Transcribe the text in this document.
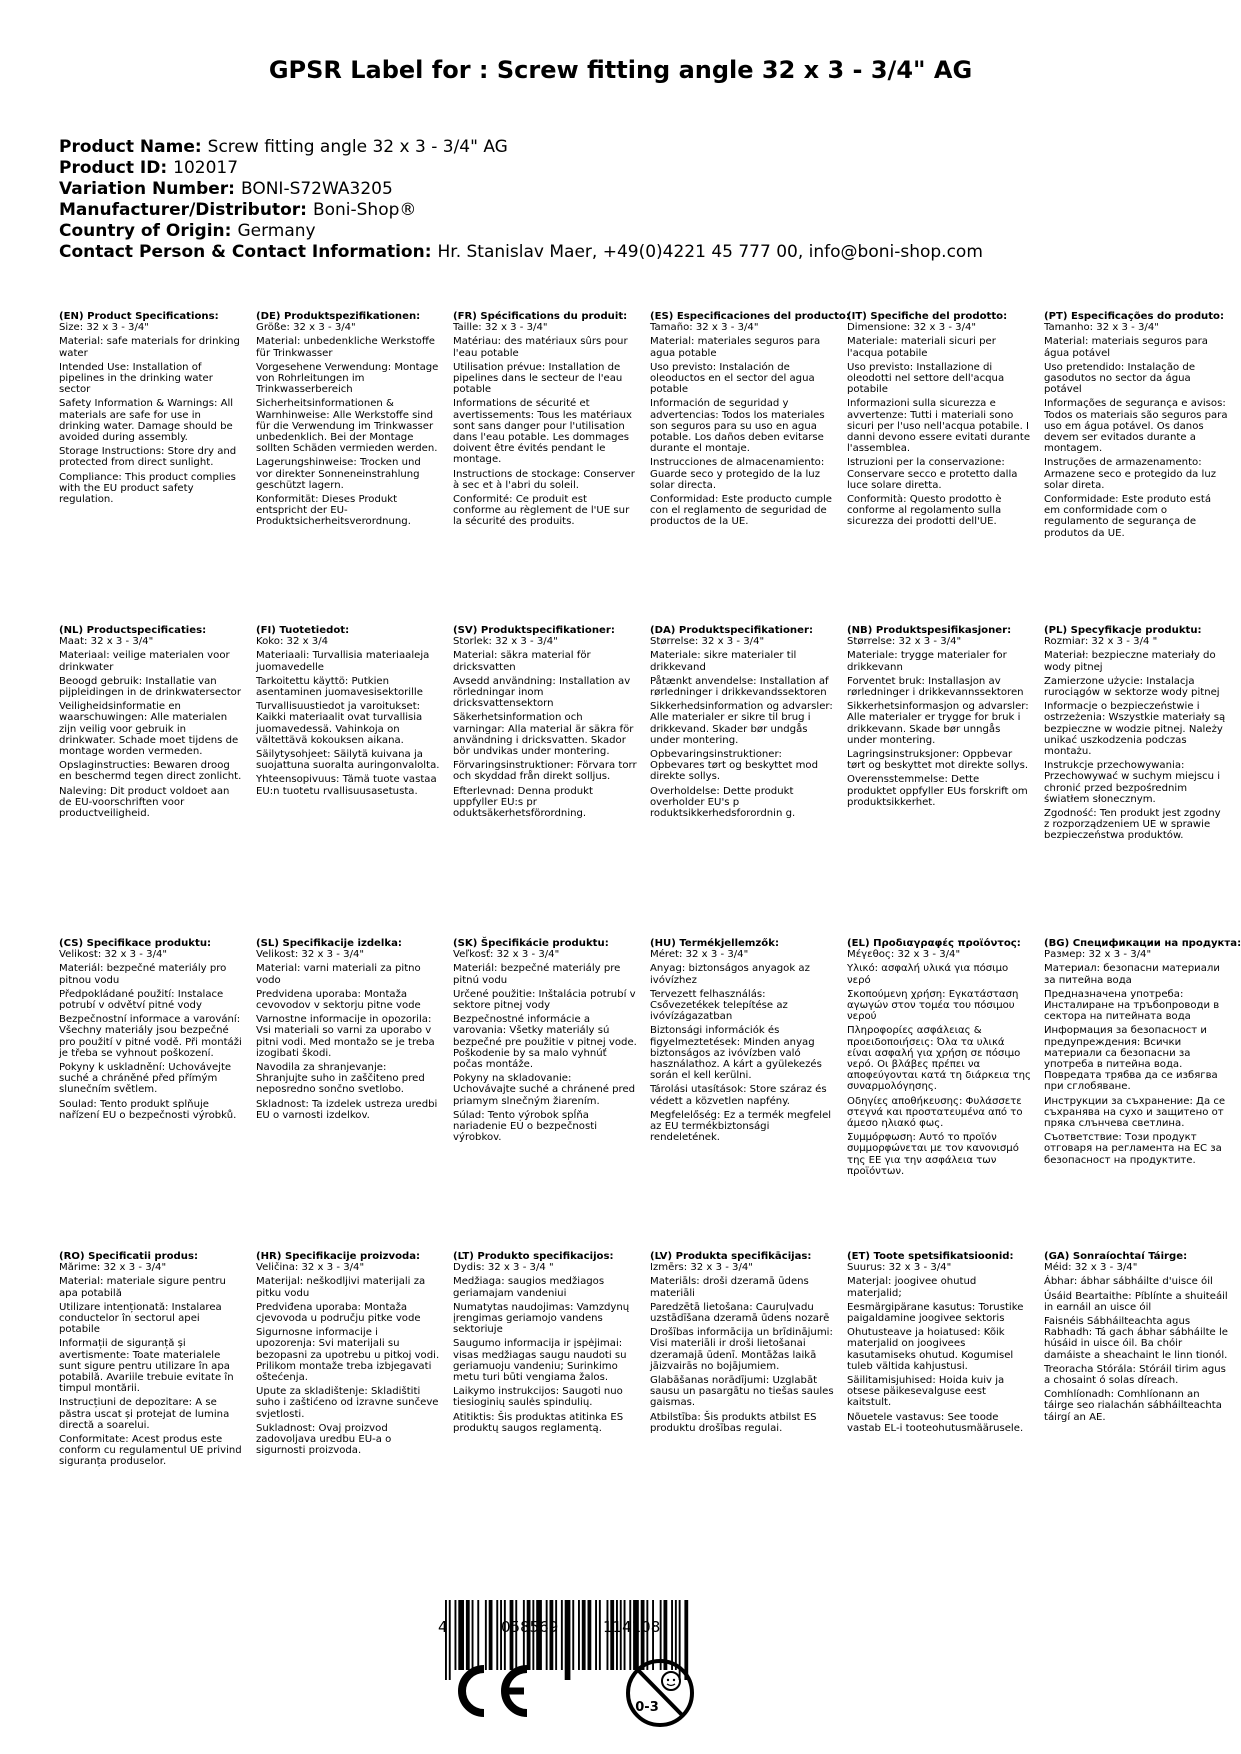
GPSR Label for : Screw fitting angle 32 x 3 - 3/4" AG
Product Name: Screw fitting angle 32 x 3 - 3/4" AG
Product ID: 102017
Variation Number: BONI-S72WA3205
Manufacturer/Distributor: Boni-Shop®
Country of Origin: Germany
Contact Person & Contact Information: Hr. Stanislav Maer, +49(0)4221 45 777 00, info@boni-shop.com
(EN) Product Specifications:

Size: 32 x 3 - 3/4"

Material: safe materials for drinking water

Intended Use: Installation of pipelines in the drinking water sector

Safety Information & Warnings: All materials are safe for use in drinking water. Damage should be avoided during assembly.

Storage Instructions: Store dry and protected from direct sunlight.

Compliance: This product complies with the EU product safety regulation.

(DE) Produktspezifikationen:

Größe: 32 x 3 - 3/4"

Material: unbedenkliche Werkstoffe für Trinkwasser

Vorgesehene Verwendung: Montage von Rohrleitungen im Trinkwasserbereich

Sicherheitsinformationen & Warnhinweise: Alle Werkstoffe sind für die Verwendung im Trinkwasser unbedenklich. Bei der Montage sollten Schäden vermieden werden.

Lagerungshinweise: Trocken und vor direkter Sonneneinstrahlung geschützt lagern.

Konformität: Dieses Produkt entspricht der EU-Produktsicherheitsverordnung.

(FR) Spécifications du produit:

Taille: 32 x 3 - 3/4"

Matériau: des matériaux sûrs pour l'eau potable

Utilisation prévue: Installation de pipelines dans le secteur de l'eau potable

Informations de sécurité et avertissements: Tous les matériaux sont sans danger pour l'utilisation dans l'eau potable. Les dommages doivent être évités pendant le montage.

Instructions de stockage: Conserver à sec et à l'abri du soleil.

Conformité: Ce produit est conforme au règlement de l'UE sur la sécurité des produits.

(ES) Especificaciones del producto:

Tamaño: 32 x 3 - 3/4"

Material: materiales seguros para agua potable

Uso previsto: Instalación de oleoductos en el sector del agua potable

Información de seguridad y advertencias: Todos los materiales son seguros para su uso en agua potable. Los daños deben evitarse durante el montaje.

Instrucciones de almacenamiento: Guarde seco y protegido de la luz solar directa.

Conformidad: Este producto cumple con el reglamento de seguridad de productos de la UE.

(IT) Specifiche del prodotto:

Dimensione: 32 x 3 - 3/4"

Materiale: materiali sicuri per l'acqua potabile

Uso previsto: Installazione di oleodotti nel settore dell'acqua potabile

Informazioni sulla sicurezza e avvertenze: Tutti i materiali sono sicuri per l'uso nell'acqua potabile. I danni devono essere evitati durante l'assemblea.

Istruzioni per la conservazione: Conservare secco e protetto dalla luce solare diretta.

Conformità: Questo prodotto è conforme al regolamento sulla sicurezza dei prodotti dell'UE.

(PT) Especificações do produto:

Tamanho: 32 x 3 - 3/4"

Material: materiais seguros para água potável

Uso pretendido: Instalação de gasodutos no sector da água potável

Informações de segurança e avisos: Todos os materiais são seguros para uso em água potável. Os danos devem ser evitados durante a montagem.

Instruções de armazenamento: Armazene seco e protegido da luz solar direta.

Conformidade: Este produto está em conformidade com o regulamento de segurança de produtos da UE.

(NL) Productspecificaties:

Maat: 32 x 3 - 3/4"

Materiaal: veilige materialen voor drinkwater

Beoogd gebruik: Installatie van pijpleidingen in de drinkwatersector

Veiligheidsinformatie en waarschuwingen: Alle materialen zijn veilig voor gebruik in drinkwater. Schade moet tijdens de montage worden vermeden.

Opslaginstructies: Bewaren droog en beschermd tegen direct zonlicht.

Naleving: Dit product voldoet aan de EU-voorschriften voor productveiligheid.

(FI) Tuotetiedot:

Koko: 32 x 3/4

Materiaali: Turvallisia materiaaleja juomavedelle

Tarkoitettu käyttö: Putkien asentaminen juomavesisektorille

Turvallisuustiedot ja varoitukset: Kaikki materiaalit ovat turvallisia juomavedessä. Vahinkoja on vältettävä kokouksen aikana.

Säilytysohjeet: Säilytä kuivana ja suojattuna suoralta auringonvalolta.

Yhteensopivuus: Tämä tuote vastaa EU:n tuotetu rvallisuusasetusta.

(SV) Produktspecifikationer:

Storlek: 32 x 3 - 3/4"

Material: säkra material för dricksvatten

Avsedd användning: Installation av rörledningar inom dricksvattensektorn

Säkerhetsinformation och varningar: Alla material är säkra för användning i dricksvatten. Skador bör undvikas under montering.

Förvaringsinstruktioner: Förvara torr och skyddad från direkt solljus.

Efterlevnad: Denna produkt uppfyller EU:s pr oduktsäkerhetsförordning.

(DA) Produktspecifikationer:

Størrelse: 32 x 3 - 3/4"

Materiale: sikre materialer til drikkevand

Påtænkt anvendelse: Installation af rørledninger i drikkevandssektoren

Sikkerhedsinformation og advarsler: Alle materialer er sikre til brug i drikkevand. Skader bør undgås under montering.

Opbevaringsinstruktioner: Opbevares tørt og beskyttet mod direkte sollys.

Overholdelse: Dette produkt overholder EU's p roduktsikkerhedsforordnin g.

(NB) Produktspesifikasjoner:

Størrelse: 32 x 3 - 3/4"

Materiale: trygge materialer for drikkevann

Forventet bruk: Installasjon av rørledninger i drikkevannssektoren

Sikkerhetsinformasjon og advarsler: Alle materialer er trygge for bruk i drikkevann. Skade bør unngås under montering.

Lagringsinstruksjoner: Oppbevar tørt og beskyttet mot direkte sollys.

Overensstemmelse: Dette produktet oppfyller EUs forskrift om produktsikkerhet.

(PL) Specyfikacje produktu:

Rozmiar: 32 x 3 - 3/4 "

Materiał: bezpieczne materiały do wody pitnej

Zamierzone użycie: Instalacja rurociągów w sektorze wody pitnej

Informacje o bezpieczeństwie i ostrzeżenia: Wszystkie materiały są bezpieczne w wodzie pitnej. Należy unikać uszkodzenia podczas montażu.

Instrukcje przechowywania: Przechowywać w suchym miejscu i chronić przed bezpośrednim światłem słonecznym.

Zgodność: Ten produkt jest zgodny z rozporządzeniem UE w sprawie bezpieczeństwa produktów.

(CS) Specifikace produktu:

Velikost: 32 x 3 - 3/4"

Materiál: bezpečné materiály pro pitnou vodu

Předpokládané použití: Instalace potrubí v odvětví pitné vody

Bezpečnostní informace a varování: Všechny materiály jsou bezpečné pro použití v pitné vodě. Při montáži je třeba se vyhnout poškození.

Pokyny k uskladnění: Uchovávejte suché a chráněné před přímým slunečním světlem.

Soulad: Tento produkt splňuje nařízení EU o bezpečnosti výrobků.

(SL) Specifikacije izdelka:

Velikost: 32 x 3 - 3/4"

Material: varni materiali za pitno vodo

Predvidena uporaba: Montaža cevovodov v sektorju pitne vode

Varnostne informacije in opozorila: Vsi materiali so varni za uporabo v pitni vodi. Med montažo se je treba izogibati škodi.

Navodila za shranjevanje: Shranjujte suho in zaščiteno pred neposredno sončno svetlobo.

Skladnost: Ta izdelek ustreza uredbi EU o varnosti izdelkov.

(SK) Špecifikácie produktu:

Veľkosť: 32 x 3 - 3/4"

Materiál: bezpečné materiály pre pitnú vodu

Určené použitie: Inštalácia potrubí v sektore pitnej vody

Bezpečnostné informácie a varovania: Všetky materiály sú bezpečné pre použitie v pitnej vode. Poškodenie by sa malo vyhnúť počas montáže.

Pokyny na skladovanie: Uchovávajte suché a chránené pred priamym slnečným žiarením.

Súlad: Tento výrobok spĺňa nariadenie EÚ o bezpečnosti výrobkov.

(HU) Termékjellemzők:

Méret: 32 x 3 - 3/4"

Anyag: biztonságos anyagok az ivóvízhez

Tervezett felhasználás: Csővezetékek telepítése az ivóvízágazatban

Biztonsági információk és figyelmeztetések: Minden anyag biztonságos az ivóvízben való használathoz. A kárt a gyülekezés során el kell kerülni.

Tárolási utasítások: Store száraz és védett a közvetlen napfény.

Megfelelőség: Ez a termék megfelel az EU termékbiztonsági rendeletének.

(EL) Προδιαγραφές προϊόντος:

Μέγεθος: 32 x 3 - 3/4"

Υλικό: ασφαλή υλικά για πόσιμο νερό

Σκοπούμενη χρήση: Εγκατάσταση αγωγών στον τομέα του πόσιμου νερού

Πληροφορίες ασφάλειας & προειδοποιήσεις: Όλα τα υλικά είναι ασφαλή για χρήση σε πόσιμο νερό. Οι βλάβες πρέπει να αποφεύγονται κατά τη διάρκεια της συναρμολόγησης.

Οδηγίες αποθήκευσης: Φυλάσσετε στεγνά και προστατευμένα από το άμεσο ηλιακό φως.

Συμμόρφωση: Αυτό το προϊόν συμμορφώνεται με τον κανονισμό της ΕΕ για την ασφάλεια των προϊόντων.

(BG) Спецификации на продукта:

Размер: 32 x 3 - 3/4"

Материал: безопасни материали за питейна вода

Предназначена употреба: Инсталиране на тръбопроводи в сектора на питейната вода

Информация за безопасност и предупреждения: Всички материали са безопасни за употреба в питейна вода. Повредата трябва да се избягва при сглобяване.

Инструкции за съхранение: Да се съхранява на сухо и защитено от пряка слънчева светлина.

Съответствие: Този продукт отговаря на регламента на ЕС за безопасност на продуктите.

(RO) Specificatii produs:

Mărime: 32 x 3 - 3/4"

Material: materiale sigure pentru apa potabilă

Utilizare intenționată: Instalarea conductelor în sectorul apei potabile

Informații de siguranță și avertismente: Toate materialele sunt sigure pentru utilizare în apa potabilă. Avariile trebuie evitate în timpul montării.

Instrucțiuni de depozitare: A se păstra uscat și protejat de lumina directă a soarelui.

Conformitate: Acest produs este conform cu regulamentul UE privind siguranța produselor.

(HR) Specifikacije proizvoda:

Veličina: 32 x 3 - 3/4"

Materijal: neškodljivi materijali za pitku vodu

Predviđena uporaba: Montaža cjevovoda u području pitke vode

Sigurnosne informacije i upozorenja: Svi materijali su bezopasni za upotrebu u pitkoj vodi. Prilikom montaže treba izbjegavati oštećenja.

Upute za skladištenje: Skladištiti suho i zaštićeno od izravne sunčeve svjetlosti.

Sukladnost: Ovaj proizvod zadovoljava uredbu EU-a o sigurnosti proizvoda.

(LT) Produkto specifikacijos:

Dydis: 32 x 3 - 3/4 "

Medžiaga: saugios medžiagos geriamajam vandeniui

Numatytas naudojimas: Vamzdynų įrengimas geriamojo vandens sektoriuje

Saugumo informacija ir įspėjimai: visas medžiagas saugu naudoti su geriamuoju vandeniu; Surinkimo metu turi būti vengiama žalos.

Laikymo instrukcijos: Saugoti nuo tiesioginių saulės spindulių.

Atitiktis: Šis produktas atitinka ES produktų saugos reglamentą.

(LV) Produkta specifikācijas:

Izmērs: 32 x 3 - 3/4"

Materiāls: droši dzeramā ūdens materiāli

Paredzētā lietošana: Cauruļvadu uzstādīšana dzeramā ūdens nozarē

Drošības informācija un brīdinājumi: Visi materiāli ir droši lietošanai dzeramajā ūdenī. Montāžas laikā jāizvairās no bojājumiem.

Glabāšanas norādījumi: Uzglabāt sausu un pasargātu no tiešas saules gaismas.

Atbilstība: Šis produkts atbilst ES produktu drošības regulai.

(ET) Toote spetsifikatsioonid:

Suurus: 32 x 3 - 3/4"

Materjal: joogivee ohutud materjalid;

Eesmärgipärane kasutus: Torustike paigaldamine joogivee sektoris

Ohutusteave ja hoiatused: Kõik materjalid on joogivees kasutamiseks ohutud. Kogumisel tuleb vältida kahjustusi.

Säilitamisjuhised: Hoida kuiv ja otsese päikesevalguse eest kaitstult.

Nõuetele vastavus: See toode vastab EL-i tooteohutusmäärusele.

(GA) Sonraíochtaí Táirge:

Méid: 32 x 3 - 3/4"

Ábhar: ábhar sábháilte d'uisce óil

Úsáid Beartaithe: Píblínte a shuiteáil in earnáil an uisce óil

Faisnéis Sábháilteachta agus Rabhadh: Tá gach ábhar sábháilte le húsáid in uisce óil. Ba chóir damáiste a sheachaint le linn tionól.

Treoracha Stórála: Stóráil tirim agus a chosaint ó solas díreach.

Comhlíonadh: Comhlíonann an táirge seo rialachán sábháilteachta táirgí an AE.

4	058569	114108
0-3
